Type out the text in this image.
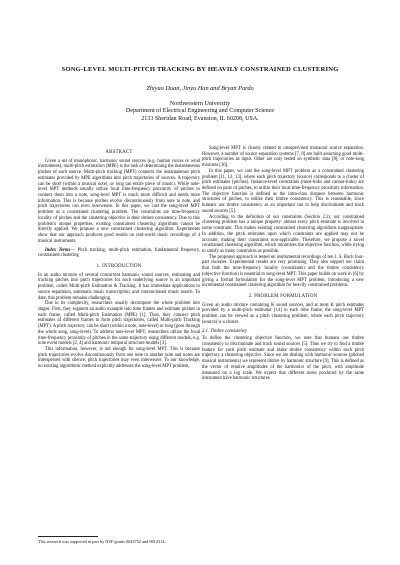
SONG-LEVEL MULTI-PITCH TRACKING BY HEAVILY CONSTRAINED CLUSTERING
Zhiyao Duan, Jinyu Han and Bryan Pardo
Northwestern University
Department of Electrical Engineering and Computer Science
2133 Sheridan Road, Evanston, IL 60208, USA.
ABSTRACT

Given a set of monophonic, harmonic sound sources (e.g. human voices or wind instruments), multi-pitch estimation (MPE) is the task of determining the instantaneous pitches of each source. Multi-pitch tracking (MPT) connects the instantaneous pitch estimates provided by MPE algorithms into pitch trajectories of sources. A trajectory can be short (within a musical note), or long (an entire piece of music). While note-level MPT methods usually utilize local time-frequency proximity of pitches to connect them into a note, song-level MPT is much more difficult and needs more information. This is because pitches evolve discontinuously from note to note, and pitch trajectories can even interweave. In this paper, we cast the song-level MPT problem as a constrained clustering problem. The constraints are time-frequency locality of pitches and the clustering objective is their timbre consistency. Due to this problem's unique properties, existing constrained clustering algorithms cannot be directly applied. We propose a new constrained clustering algorithm. Experiments show that our approach produces good results on real-world music recordings of 4 musical instruments.

Index Terms— Pitch tracking, multi-pitch estimation, fundamental frequency, constrained clustering

1. INTRODUCTION

In an audio mixture of several concurrent harmonic sound sources, estimating and tracking pitches into pitch trajectories for each underlying source is an important problem, called Multi-pitch Estimation & Tracking. It has immediate applications to source separation, automatic music transcription, and content-based music search. To date, this problem remains challenging.

Due to its complexity, researchers usually decompose the whole problem into stages: First, they segment an audio example into time frames and estimate pitches in each frame, called Multi-pitch Estimation (MPE) [1]. Then, they connect pitch estimates of different frames to form pitch trajectories, called Multi-pitch Tracking (MPT). A pitch trajectory can be short (within a note, note-level) or long (goes through the whole song, song-level). To address note-level MPT, researchers utilize the local time-frequency proximity of pitches in the same trajectory using different models, e.g. note event models [2, 4] and harmonic temporal structure models [3].

This information, however, is not enough for song-level MPT. This is because pitch trajectories evolve discontinuously from one note to another note and notes are interspersed with silence; pitch trajectories may even interweave. To our knowledge, no existing algorithmic method explicitly addresses the song-level MPT problem,

This research was supported in part by NSF grants 0643752 and 0812314.

Song-level MPT is closely related to unsupervised monaural source separation. However, a number of source separation systems [7, 8] are built assuming good multi-pitch trajectories as input. Other are only tested on synthetic data [8], or note-long mixtures [10].

In this paper, we cast the song-level MPT problem as a constrained clustering problem [11, 12, 13], where each pitch trajectory (source) corresponds to a cluster of pitch estimates (pitches). Instance-level constraints (must-links and cannot-links) are defined on pairs of pitches, to utilize their local time-frequency proximity information. The objective function is defined as the intra-class distance between harmonic structures of pitches, to utilize their timbre consistency. This is reasonable, since humans use timbre consistency as an important cue to help discriminate and track sound sources [5].

According to the definition of our constraints (Section 2.2), our constrained clustering problem has a unique property: almost every pitch estimate is involved in some constraint. This makes existing constrained clustering algorithms inappropriate. In addition, the pitch estimates upon which constraints are applied may not be accurate, making their constraints non-applicable. Therefore, we propose a novel constrained clustering algorithm, which minimizes the objective function, while trying to satisfy as many constraints as possible.

The proposed approach is tested on instrumental recordings of ten J. S. Bach four-part chorales. Experimental results are very promising. They also support our claim that both the time-frequency locality (constraints) and the timbre consistency (objective function) is essential to song-level MPT. This paper builds on work in [6] by giving a formal formulation for the song-level MPT problem, introducing a new incremental constrained clustering algorithm for heavily constrained problems.

2. PROBLEM FORMULATION

Given an audio mixture containing K sound sources, and at most K pitch estimates provided by a multi-pitch estimator [14] in each time frame, the song-level MPT problem can be viewed as a pitch clustering problem, where each pitch trajectory (source) is a cluster.

2.1. Timbre consistency

To define the clustering objective function, we note that humans use timbre consistency to discriminate and track sound sources [5]. Thus we try to find a timbre feature for each pitch estimate and make timbre consistency within each pitch trajectory a clustering objective. Since we are dealing with harmonic sources (pitched musical instruments) we represent timbre by harmonic structure [9]. This is defined as the vector of relative amplitudes of the harmonics of the pitch, with amplitude measured on a log scale. We expect that different notes produced by the same instrument have harmonic structures
